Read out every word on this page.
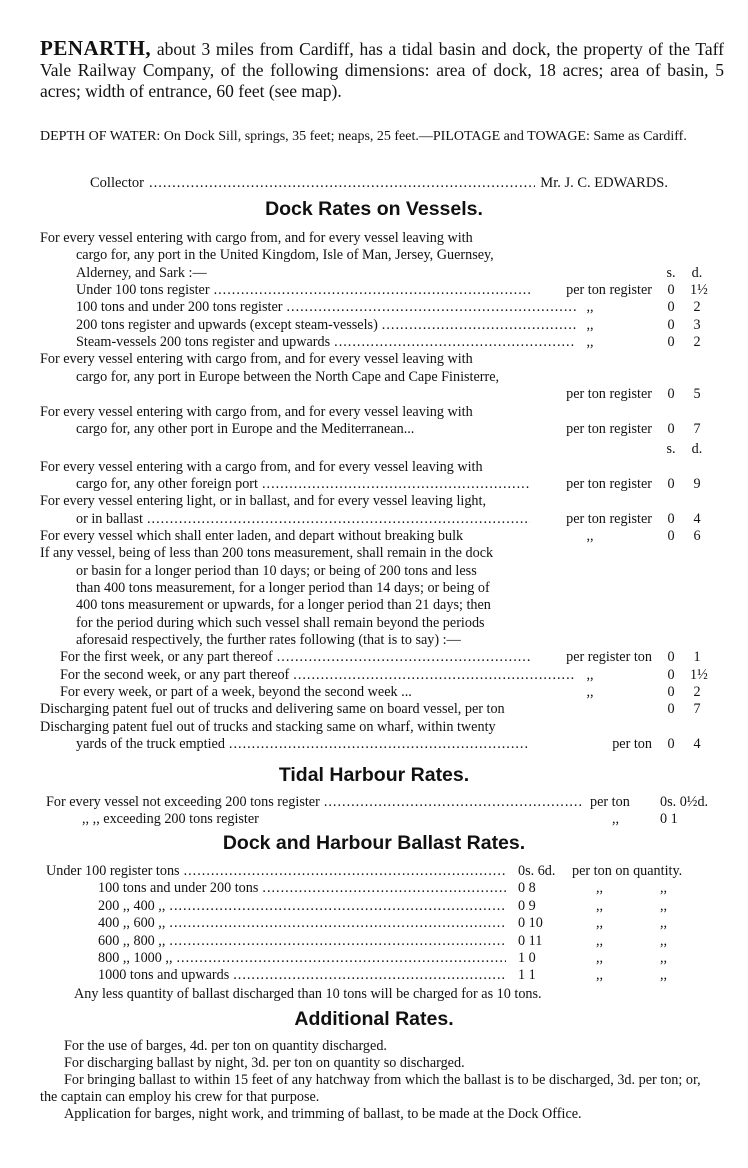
PENARTH, about 3 miles from Cardiff, has a tidal basin and dock, the property of the Taff Vale Railway Company, of the following dimensions: area of dock, 18 acres; area of basin, 5 acres; width of entrance, 60 feet (see map).
DEPTH OF WATER: On Dock Sill, springs, 35 feet; neaps, 25 feet.—PILOTAGE and TOWAGE: Same as Cardiff.
Collector .....	Mr. J. C. EDWARDS.
Dock Rates on Vessels.
For every vessel entering with cargo from, and for every vessel leaving with
cargo for, any port in the United Kingdom, Isle of Man, Jersey, Guernsey,
Alderney, and Sark :—	s. d.
Under 100 tons register .....	per ton register 0 1½
100 tons and under 200 tons register .....	,,	0 2
200 tons register and upwards (except steam-vessels) .....	,,	0 3
Steam-vessels 200 tons register and upwards .....	,,	0 2
For every vessel entering with cargo from, and for every vessel leaving with
cargo for, any port in Europe between the North Cape and Cape Finisterre,
per ton register 0 5
For every vessel entering with cargo from, and for every vessel leaving with
cargo for, any other port in Europe and the Mediterranean...	per ton register 0 7
s. d.
For every vessel entering with a cargo from, and for every vessel leaving with
cargo for, any other foreign port .....	per ton register 0 9
For every vessel entering light, or in ballast, and for every vessel leaving light,
or in ballast .....	per ton register 0 4
For every vessel which shall enter laden, and depart without breaking bulk	,,	0 6
If any vessel, being of less than 200 tons measurement, shall remain in the dock
or basin for a longer period than 10 days; or being of 200 tons and less
than 400 tons measurement, for a longer period than 14 days; or being of
400 tons measurement or upwards, for a longer period than 21 days; then
for the period during which such vessel shall remain beyond the periods
aforesaid respectively, the further rates following (that is to say) :—
For the first week, or any part thereof .....	per register ton 0 1
For the second week, or any part thereof .....	,,	0 1½
For every week, or part of a week, beyond the second week ...	,,	0 2
Discharging patent fuel out of trucks and delivering same on board vessel, per ton	0 7
Discharging patent fuel out of trucks and stacking same on wharf, within twenty
yards of the truck emptied .....	per ton 0 4
Tidal Harbour Rates.
For every vessel not exceeding 200 tons register .....	per ton 0s. 0½d.
,, ,, exceeding 200 tons register	,,	0 1
Dock and Harbour Ballast Rates.
Under 100 register tons .....	0s. 6d. per ton on quantity.
100 tons and under 200 tons .....	0 8	,,	,,
200 ,, 400 ,, .....	0 9	,,	,,
400 ,, 600 ,, .....	0 10	,,	,,
600 ,, 800 ,, .....	0 11	,,	,,
800 ,, 1000 ,, .....	1 0	,,	,,
1000 tons and upwards .....	1 1	,,	,,
Any less quantity of ballast discharged than 10 tons will be charged for as 10 tons.
Additional Rates.

For the use of barges, 4d. per ton on quantity discharged.

For discharging ballast by night, 3d. per ton on quantity so discharged.

For bringing ballast to within 15 feet of any hatchway from which the ballast is to be discharged, 3d. per ton; or, the captain can employ his crew for that purpose.

Application for barges, night work, and trimming of ballast, to be made at the Dock Office.
